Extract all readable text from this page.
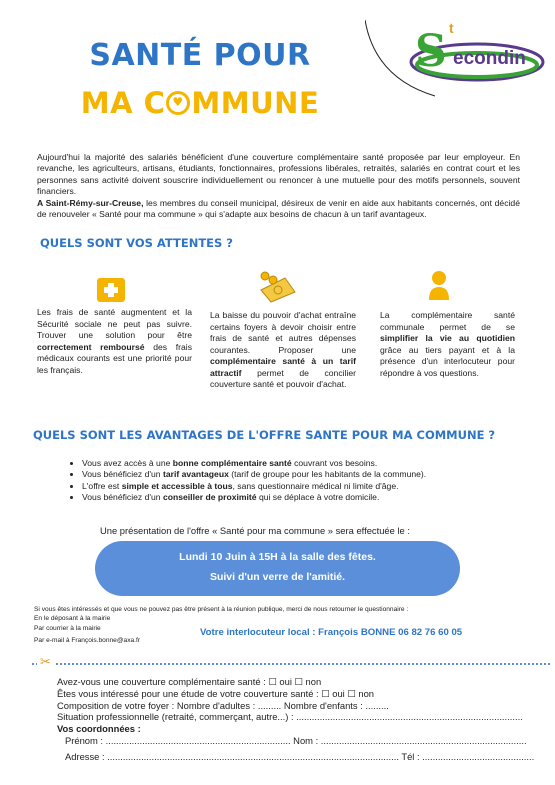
SANTÉ POUR
MA C ♥ MMUNE
S t
econdin

Aujourd'hui la majorité des salariés bénéficient d'une couverture complémentaire santé proposée par leur employeur. En revanche, les agriculteurs, artisans, étudiants, fonctionnaires, professions libérales, retraités, salariés en contrat court et les personnes sans activité doivent souscrire individuellement ou renoncer à une mutuelle pour des motifs personnels, souvent financiers.

A Saint-Rémy-sur-Creuse, les membres du conseil municipal, désireux de venir en aide aux habitants concernés, ont décidé de renouveler « Santé pour ma commune » qui s'adapte aux besoins de chacun à un tarif avantageux.

QUELS SONT VOS ATTENTES ?
Les frais de santé augmentent et la Sécurité sociale ne peut pas suivre. Trouver une solution pour être correctement remboursé des frais médicaux courants est une priorité pour les français.
La baisse du pouvoir d'achat entraîne certains foyers à devoir choisir entre frais de santé et autres dépenses courantes. Proposer une complémentaire santé à un tarif attractif permet de concilier couverture santé et pouvoir d'achat.
La complémentaire santé communale permet de se simplifier la vie au quotidien grâce au tiers payant et à la présence d'un interlocuteur pour répondre à vos questions.
QUELS SONT LES AVANTAGES DE L'OFFRE SANTE POUR MA COMMUNE ?
• Vous avez accès à une bonne complémentaire santé couvrant vos besoins.
• Vous bénéficiez d'un tarif avantageux (tarif de groupe pour les habitants de la commune).
• L'offre est simple et accessible à tous, sans questionnaire médical ni limite d'âge.
• Vous bénéficiez d'un conseiller de proximité qui se déplace à votre domicile.
Une présentation de l'offre « Santé pour ma commune » sera effectuée le :
Lundi 10 Juin à 15H à la salle des fêtes.
Suivi d'un verre de l'amitié.
Si vous êtes intéressés et que vous ne pouvez pas être présent à la réunion publique, merci de nous retourner le questionnaire :
En le déposant à la mairie
Par courrier à la mairie
Par e-mail à François.bonne@axa.fr
Votre interlocuteur local : François BONNE 06 82 76 60 05
✂
Avez-vous une couverture complémentaire santé : ☐ oui ☐ non
Êtes vous intéressé pour une étude de votre couverture santé : ☐ oui ☐ non
Composition de votre foyer : Nombre d'adultes : ......... Nombre d'enfants : .........
Situation professionnelle (retraité, commerçant, autre...) : .......................................................................................
Vos coordonnées :
Prénom : ....................................................................... Nom : ...............................................................................
Adresse : ................................................................................................................ Tél : ...........................................
